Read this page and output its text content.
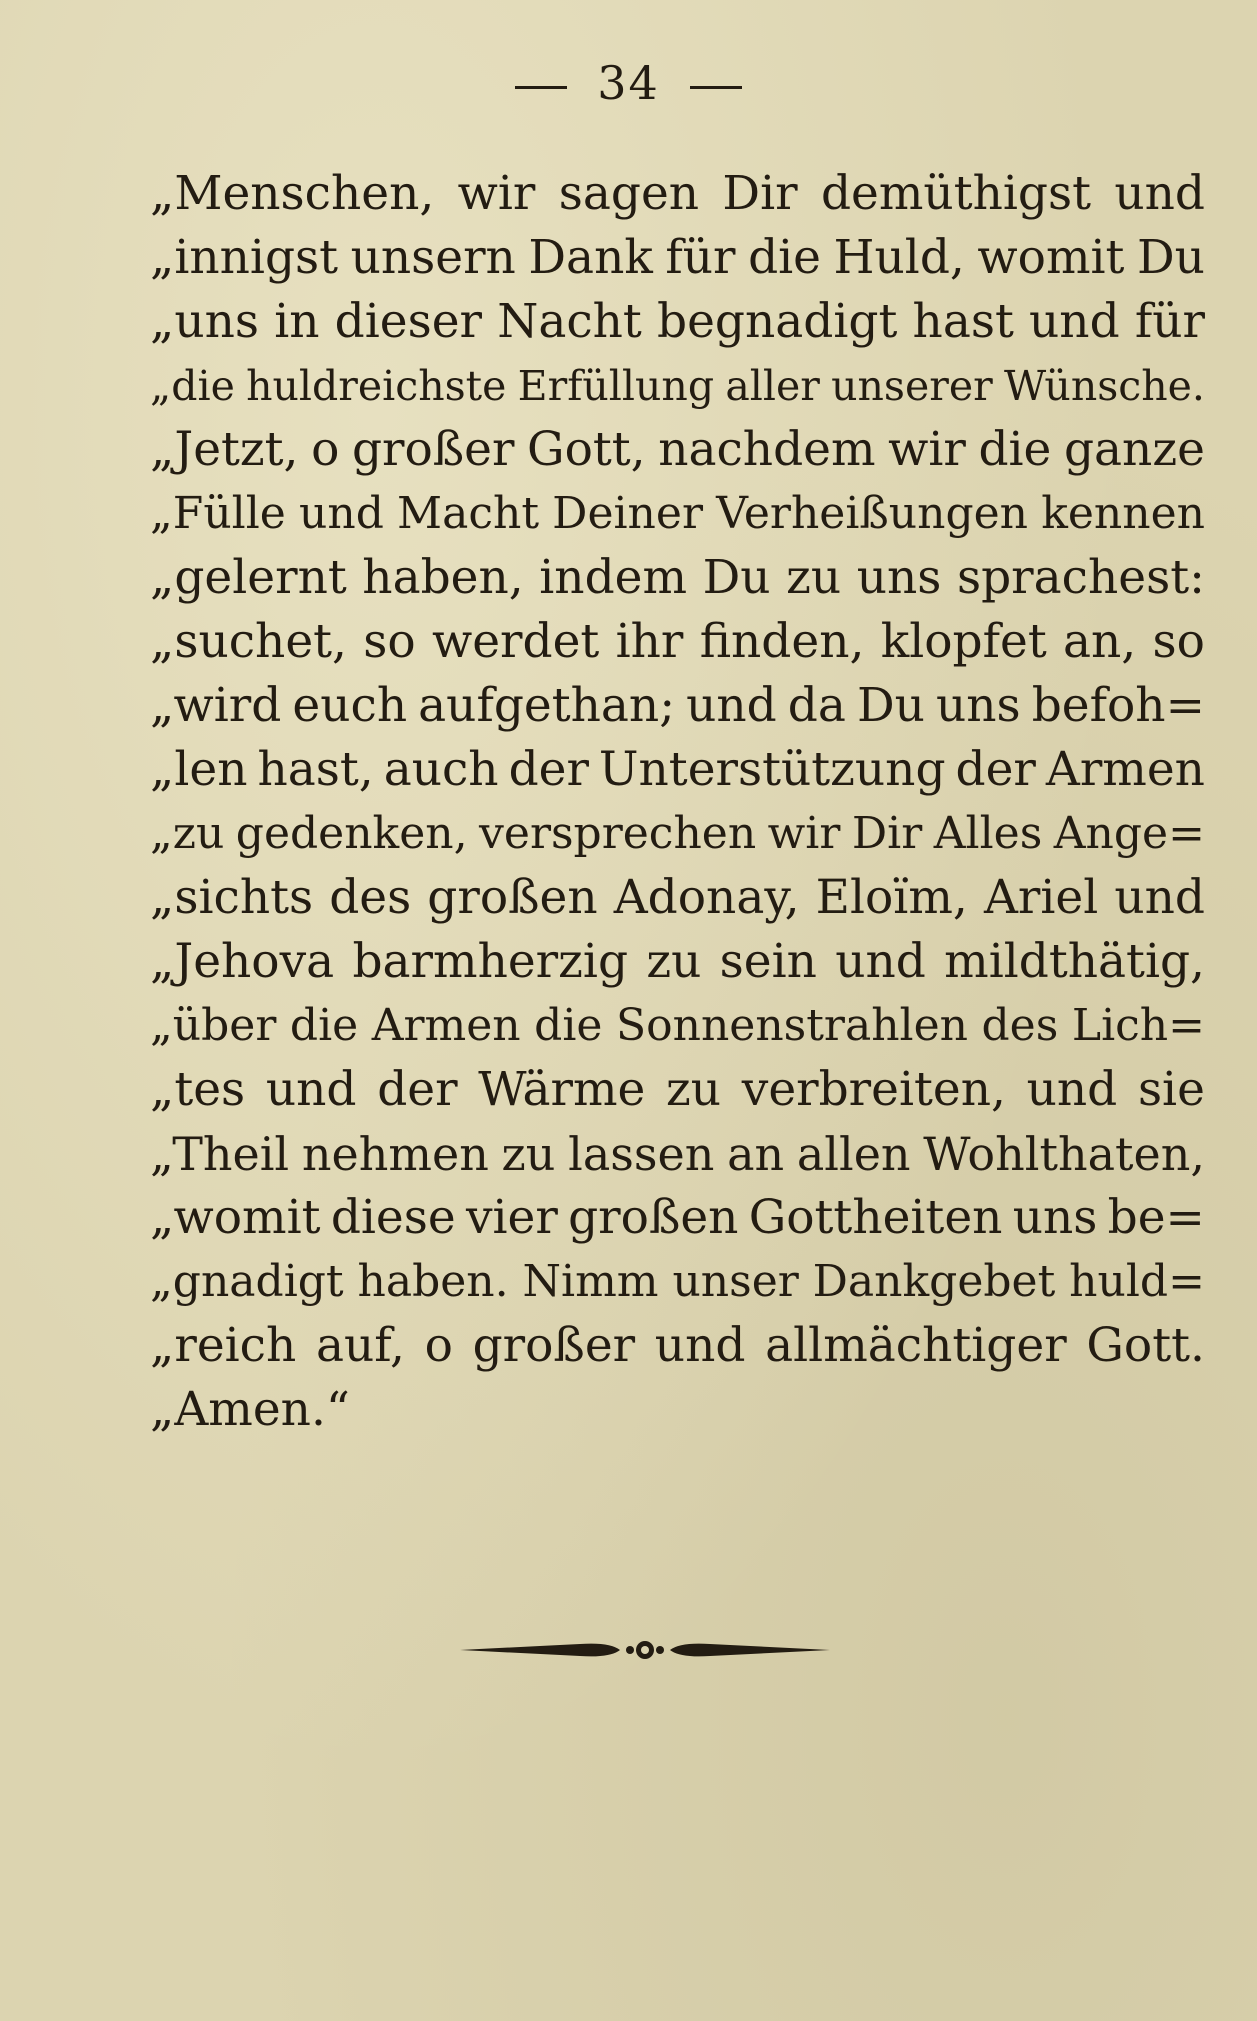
34
„Menschen, wir sagen Dir demüthigst und
„innigst unsern Dank für die Huld, womit Du
„uns in dieser Nacht begnadigt hast und für
„die huldreichste Erfüllung aller unserer Wünsche.
„Jetzt, o großer Gott, nachdem wir die ganze
„Fülle und Macht Deiner Verheißungen kennen
„gelernt haben, indem Du zu uns sprachest:
„suchet, so werdet ihr finden, klopfet an, so
„wird euch aufgethan; und da Du uns befoh=
„len hast, auch der Unterstützung der Armen
„zu gedenken, versprechen wir Dir Alles Ange=
„sichts des großen Adonay, Eloïm, Ariel und
„Jehova barmherzig zu sein und mildthätig,
„über die Armen die Sonnenstrahlen des Lich=
„tes und der Wärme zu verbreiten, und sie
„Theil nehmen zu lassen an allen Wohlthaten,
„womit diese vier großen Gottheiten uns be=
„gnadigt haben. Nimm unser Dankgebet huld=
„reich auf, o großer und allmächtiger Gott.
„Amen.“
